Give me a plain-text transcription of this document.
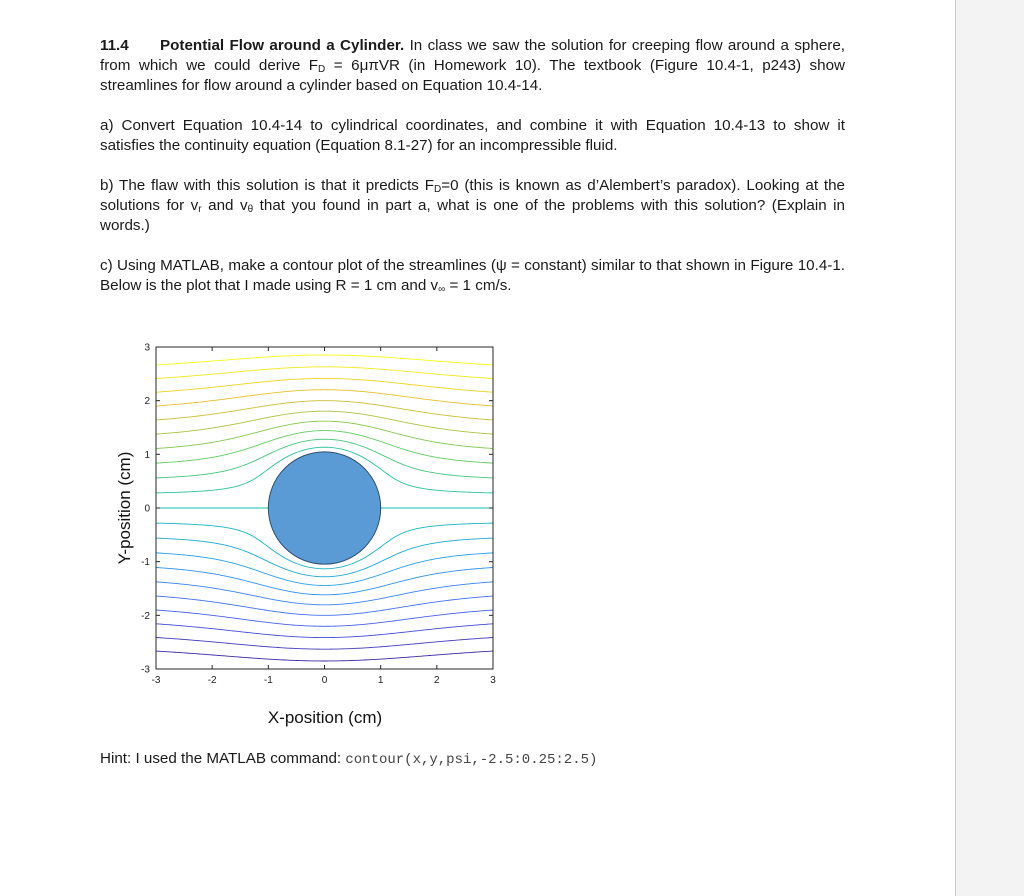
11.4 Potential Flow around a Cylinder. In class we saw the solution for creeping flow around a sphere, from which we could derive $F_D = 6\mu\pi VR$ (in Homework 10). The textbook (Figure 10.4-1, p243) show streamlines for flow around a cylinder based on Equation 10.4-14.

a) Convert Equation 10.4-14 to cylindrical coordinates, and combine it with Equation 10.4-13 to show it satisfies the continuity equation (Equation 8.1-27) for an incompressible fluid.

b) The flaw with this solution is that it predicts $F_D=0$ (this is known as d’Alembert’s paradox). Looking at the solutions for $v_r$ and $v_\theta$ that you found in part a, what is one of the problems with this solution? (Explain in words.)

c) Using MATLAB, make a contour plot of the streamlines (ψ = constant) similar to that shown in Figure 10.4-1. Below is the plot that I made using R = 1 cm and $v_\infty = 1$ cm/s.

-3	-2	-1	0	1	2	3
3
2
1
0
-1
-2
-3
X-position (cm)
Y-position (cm)
Hint: I used the MATLAB command: contour(x,y,psi,-2.5:0.25:2.5)
